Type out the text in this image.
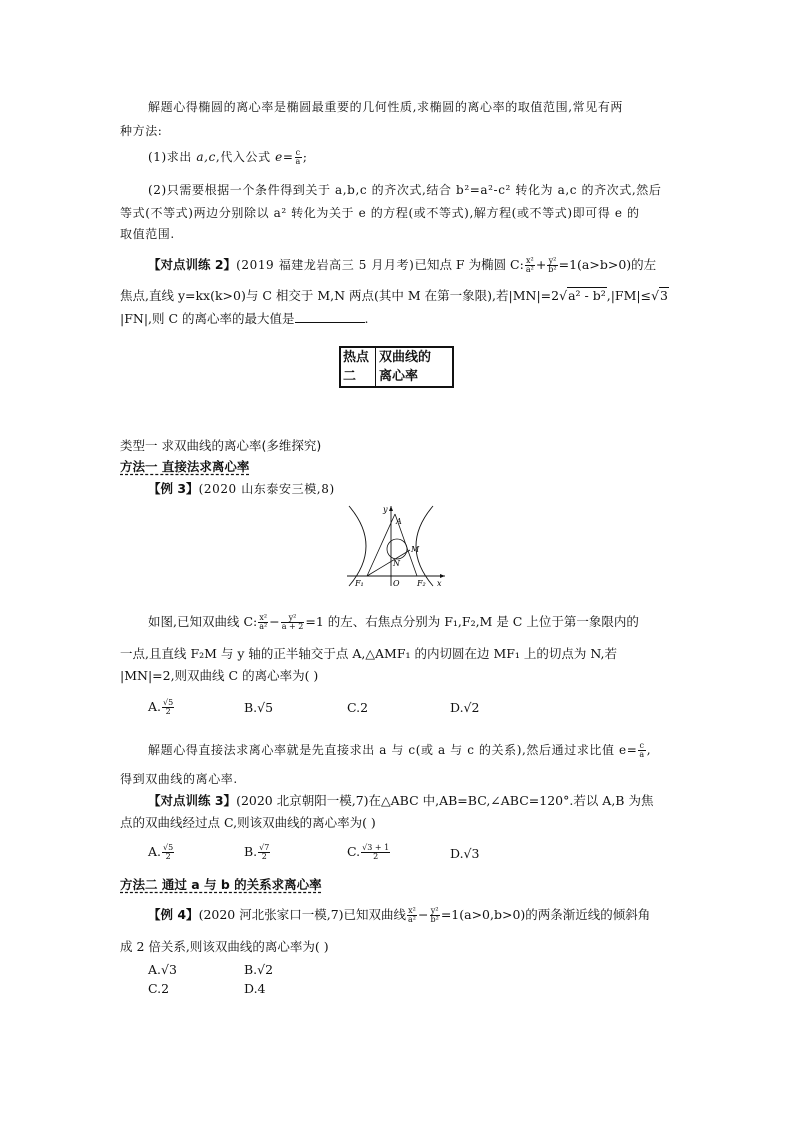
解题心得椭圆的离心率是椭圆最重要的几何性质,求椭圆的离心率的取值范围,常见有两
种方法:
(1)求出 a,c,代入公式 $e= \frac{c}{a}$ ;
(2)只需要根据一个条件得到关于 a,b,c 的齐次式,结合 b²=a²-c² 转化为 a,c 的齐次式,然后
等式(不等式)两边分别除以 a² 转化为关于 e 的方程(或不等式),解方程(或不等式)即可得 e 的
取值范围.
【对点训练 2】(2019 福建龙岩高三 5 月月考)已知点 F 为椭圆 C: $\frac{\text{x²}}{\text{a²}} + \frac{\text{y²}}{\text{b²}} =1(a>b>0)$的左
焦点,直线 y=kx(k>0)与 C 相交于 M,N 两点(其中 M 在第一象限),若|MN|=2√a² - b²,|FM|≤√3
|FN|,则 C 的离心率的最大值是	.
热点
二
双曲线的
离心率
类型一 求双曲线的离心率(多维探究)
方法一 直接法求离心率
【例 3】(2020 山东泰安三模,8)
y
A
M
N
F₁	O F₂ x
如图,已知双曲线 C: $\frac{\text{x²}}{\text{a²}} - \frac{\text{y²}}{a + 2} =1$ 的左、右焦点分别为 F₁,F₂,M 是 C 上位于第一象限内的
一点,且直线 F₂M 与 y 轴的正半轴交于点 A,△AMF₁ 的内切圆在边 MF₁ 上的切点为 N,若
|MN|=2,则双曲线 C 的离心率为( )
A. $\frac{√5}{2}$	B.√5	C.2	D.√2
解题心得直接法求离心率就是先直接求出 a 与 c(或 a 与 c 的关系),然后通过求比值 $e= \frac{c}{a}$ ,
得到双曲线的离心率.
【对点训练 3】(2020 北京朝阳一模,7)在△ABC 中,AB=BC,∠ABC=120°.若以 A,B 为焦
点的双曲线经过点 C,则该双曲线的离心率为( )
A. $\frac{√5}{2}$	B. $\frac{√7}{2}$	C. $\frac{√3 + 1}{2}$	D.√3
方法二 通过 a 与 b 的关系求离心率
【例 4】(2020 河北张家口一模,7)已知双曲线 $\frac{\text{x²}}{\text{a²}} - \frac{\text{y²}}{\text{b²}} =1(a>0,b>0)$的两条渐近线的倾斜角
成 2 倍关系,则该双曲线的离心率为( )
A.√3	B.√2
C.2	D.4
